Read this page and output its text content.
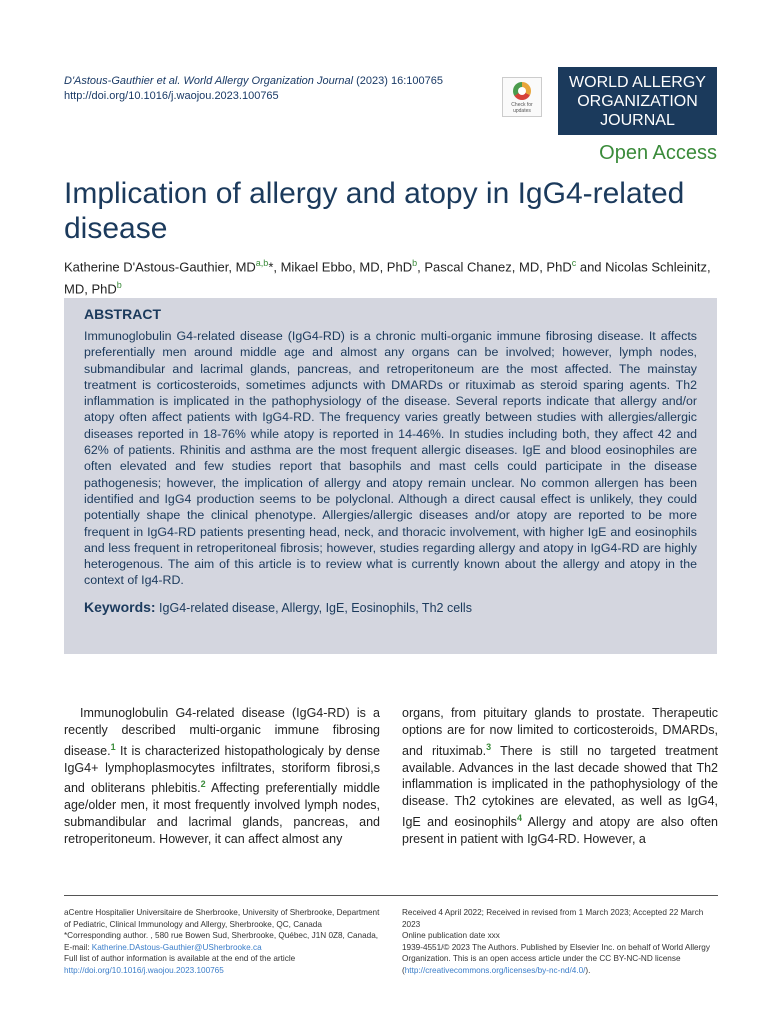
D'Astous-Gauthier et al. World Allergy Organization Journal (2023) 16:100765
http://doi.org/10.1016/j.waojou.2023.100765
Check for updates
WORLD ALLERGY
ORGANIZATION
JOURNAL
Open Access
Implication of allergy and atopy in IgG4-related disease
Katherine D'Astous-Gauthier, MD$^{a,b}$*, Mikael Ebbo, MD, PhD$^b$, Pascal Chanez, MD, PhD$^c$ and Nicolas Schleinitz, MD, PhD$^b$
ABSTRACT

Immunoglobulin G4-related disease (IgG4-RD) is a chronic multi-organic immune fibrosing disease. It affects preferentially men around middle age and almost any organs can be involved; however, lymph nodes, submandibular and lacrimal glands, pancreas, and retroperitoneum are the most affected. The mainstay treatment is corticosteroids, sometimes adjuncts with DMARDs or rituximab as steroid sparing agents. Th2 inflammation is implicated in the pathophysiology of the disease. Several reports indicate that allergy and/or atopy often affect patients with IgG4-RD. The frequency varies greatly between studies with allergies/allergic diseases reported in 18-76% while atopy is reported in 14-46%. In studies including both, they affect 42 and 62% of patients. Rhinitis and asthma are the most frequent allergic diseases. IgE and blood eosinophiles are often elevated and few studies report that basophils and mast cells could participate in the disease pathogenesis; however, the implication of allergy and atopy remain unclear. No common allergen has been identified and IgG4 production seems to be polyclonal. Although a direct causal effect is unlikely, they could potentially shape the clinical phenotype. Allergies/allergic diseases and/or atopy are reported to be more frequent in IgG4-RD patients presenting head, neck, and thoracic involvement, with higher IgE and eosinophils and less frequent in retroperitoneal fibrosis; however, studies regarding allergy and atopy in IgG4-RD are highly heterogenous. The aim of this article is to review what is currently known about the allergy and atopy in the context of Ig4-RD.

Keywords: IgG4-related disease, Allergy, IgE, Eosinophils, Th2 cells

Immunoglobulin G4-related disease (IgG4-RD) is a recently described multi-organic immune fibrosing disease.$^1$ It is characterized histopathologicaly by dense IgG4+ lymphoplasmocytes infiltrates, storiform fibrosi,s and obliterans phlebitis.$^2$ Affecting preferentially middle age/older men, it most frequently involved lymph nodes, submandibular and lacrimal glands, pancreas, and retroperitoneum. However, it can affect almost any

organs, from pituitary glands to prostate. Therapeutic options are for now limited to corticosteroids, DMARDs, and rituximab.$^3$ There is still no targeted treatment available. Advances in the last decade showed that Th2 inflammation is implicated in the pathophysiology of the disease. Th2 cytokines are elevated, as well as IgG4, IgE and eosinophils$^4$ Allergy and atopy are also often present in patient with IgG4-RD. However, a

aCentre Hospitalier Universitaire de Sherbrooke, University of Sherbrooke, Department of Pediatric, Clinical Immunology and Allergy, Sherbrooke, QC, Canada
*Corresponding author. , 580 rue Bowen Sud, Sherbrooke, Québec, J1N 0Z8, Canada, E-mail: Katherine.DAstous-Gauthier@USherbrooke.ca
Full list of author information is available at the end of the article
http://doi.org/10.1016/j.waojou.2023.100765
Received 4 April 2022; Received in revised from 1 March 2023; Accepted 22 March 2023
Online publication date xxx
1939-4551/© 2023 The Authors. Published by Elsevier Inc. on behalf of World Allergy Organization. This is an open access article under the CC BY-NC-ND license (http://creativecommons.org/licenses/by-nc-nd/4.0/).
